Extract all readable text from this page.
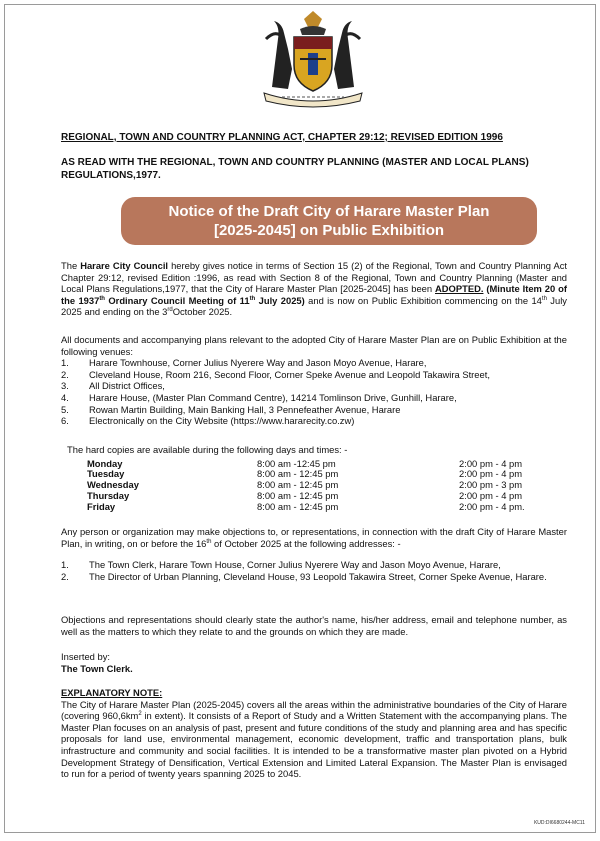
REGIONAL, TOWN AND COUNTRY PLANNING ACT, CHAPTER 29:12; REVISED EDITION 1996
AS READ WITH THE REGIONAL, TOWN AND COUNTRY PLANNING (MASTER AND LOCAL PLANS) REGULATIONS,1977.
Notice of the Draft City of Harare Master Plan
[2025-2045] on Public Exhibition
The Harare City Council hereby gives notice in terms of Section 15 (2) of the Regional, Town and Country Planning Act Chapter 29:12, revised Edition :1996, as read with Section 8 of the Regional, Town and Country Planning (Master and Local Plans Regulations,1977, that the City of Harare Master Plan [2025-2045] has been ADOPTED. (Minute Item 20 of the 1937th Ordinary Council Meeting of 11th July 2025) and is now on Public Exhibition commencing on the 14th July 2025 and ending on the 3rdOctober 2025.
All documents and accompanying plans relevant to the adopted City of Harare Master Plan are on Public Exhibition at the following venues:
1.	Harare Townhouse, Corner Julius Nyerere Way and Jason Moyo Avenue, Harare,
2.	Cleveland House, Room 216, Second Floor, Corner Speke Avenue and Leopold Takawira Street,
3.	All District Offices,
4.	Harare House, (Master Plan Command Centre), 14214 Tomlinson Drive, Gunhill, Harare,
5.	Rowan Martin Building, Main Banking Hall, 3 Pennefeather Avenue, Harare
6.	Electronically on the City Website (https://www.hararecity.co.zw)
The hard copies are available during the following days and times: -
Monday	8:00 am -12:45 pm	2:00 pm - 4 pm
Tuesday	8:00 am - 12:45 pm	2:00 pm - 4 pm
Wednesday	8:00 am - 12:45 pm	2:00 pm - 3 pm
Thursday	8:00 am - 12:45 pm	2:00 pm - 4 pm
Friday	8:00 am - 12:45 pm	2:00 pm - 4 pm.
Any person or organization may make objections to, or representations, in connection with the draft City of Harare Master Plan, in writing, on or before the 16th of October 2025 at the following addresses: -
1.	The Town Clerk, Harare Town House, Corner Julius Nyerere Way and Jason Moyo Avenue, Harare,
2.	The Director of Urban Planning, Cleveland House, 93 Leopold Takawira Street, Corner Speke Avenue, Harare.
Objections and representations should clearly state the author's name, his/her address, email and telephone number, as well as the matters to which they relate to and the grounds on which they are made.
Inserted by:
The Town Clerk.
EXPLANATORY NOTE:
The City of Harare Master Plan (2025-2045) covers all the areas within the administrative boundaries of the City of Harare (covering $960,6km^2$ in extent). It consists of a Report of Study and a Written Statement with the accompanying plans. The Master Plan focuses on an analysis of past, present and future conditions of the study and planning area and has specific proposals for land use, environmental management, economic development, traffic and transportation plans, bulk infrastructure and community and social facilities. It is intended to be a transformative master plan pivoted on a Hybrid Development Strategy of Densification, Vertical Extension and Limited Lateral Expansion. The Master Plan is envisaged to run for a period of twenty years spanning 2025 to 2045.
KUD:DI6680244-MC11
